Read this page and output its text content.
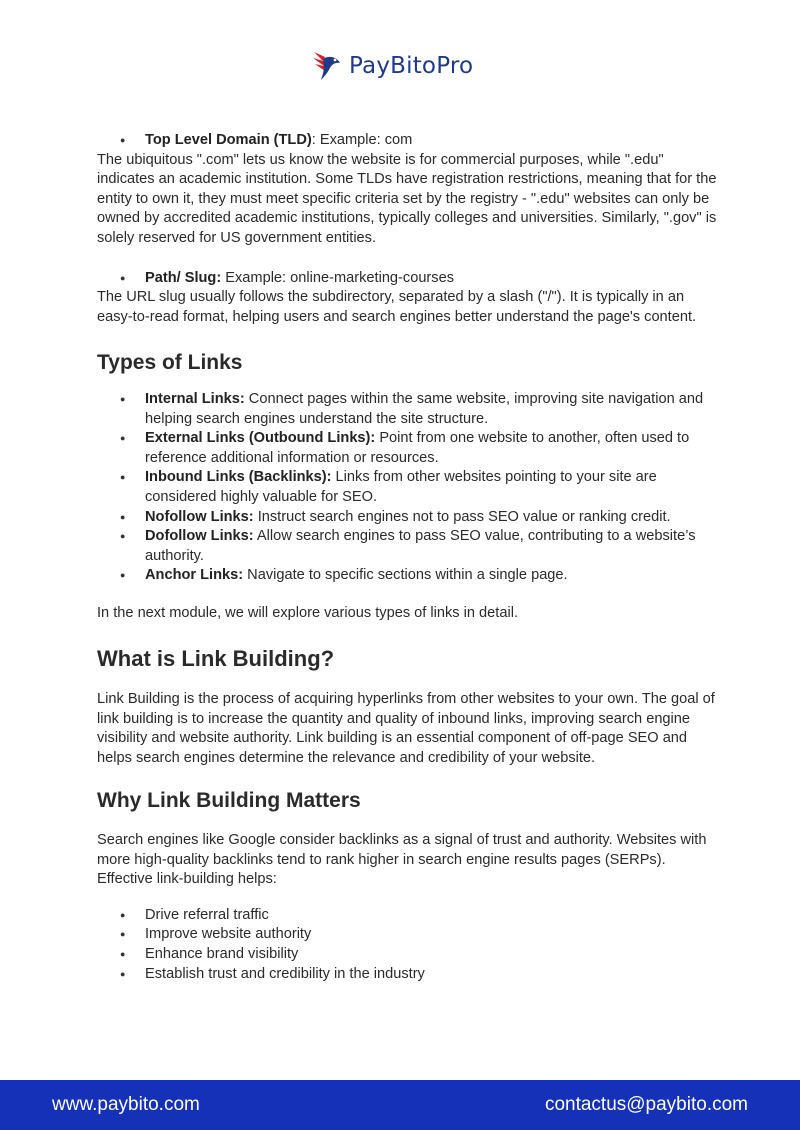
PayBitoPro
● Top Level Domain (TLD): Example: com

The ubiquitous ".com" lets us know the website is for commercial purposes, while ".edu" indicates an academic institution. Some TLDs have registration restrictions, meaning that for the entity to own it, they must meet specific criteria set by the registry - ".edu" websites can only be owned by accredited academic institutions, typically colleges and universities. Similarly, ".gov" is solely reserved for US government entities.

● Path/ Slug: Example: online-marketing-courses

The URL slug usually follows the subdirectory, separated by a slash ("/"). It is typically in an easy-to-read format, helping users and search engines better understand the page's content.

Types of Links
● Internal Links: Connect pages within the same website, improving site navigation and helping search engines understand the site structure.
● External Links (Outbound Links): Point from one website to another, often used to reference additional information or resources.
● Inbound Links (Backlinks): Links from other websites pointing to your site are considered highly valuable for SEO.
● Nofollow Links: Instruct search engines not to pass SEO value or ranking credit.
● Dofollow Links: Allow search engines to pass SEO value, contributing to a website’s authority.
● Anchor Links: Navigate to specific sections within a single page.

In the next module, we will explore various types of links in detail.

What is Link Building?

Link Building is the process of acquiring hyperlinks from other websites to your own. The goal of link building is to increase the quantity and quality of inbound links, improving search engine visibility and website authority. Link building is an essential component of off-page SEO and helps search engines determine the relevance and credibility of your website.

Why Link Building Matters

Search engines like Google consider backlinks as a signal of trust and authority. Websites with more high-quality backlinks tend to rank higher in search engine results pages (SERPs). Effective link-building helps:

● Drive referral traffic
● Improve website authority
● Enhance brand visibility
● Establish trust and credibility in the industry
www.paybito.com	contactus@paybito.com
